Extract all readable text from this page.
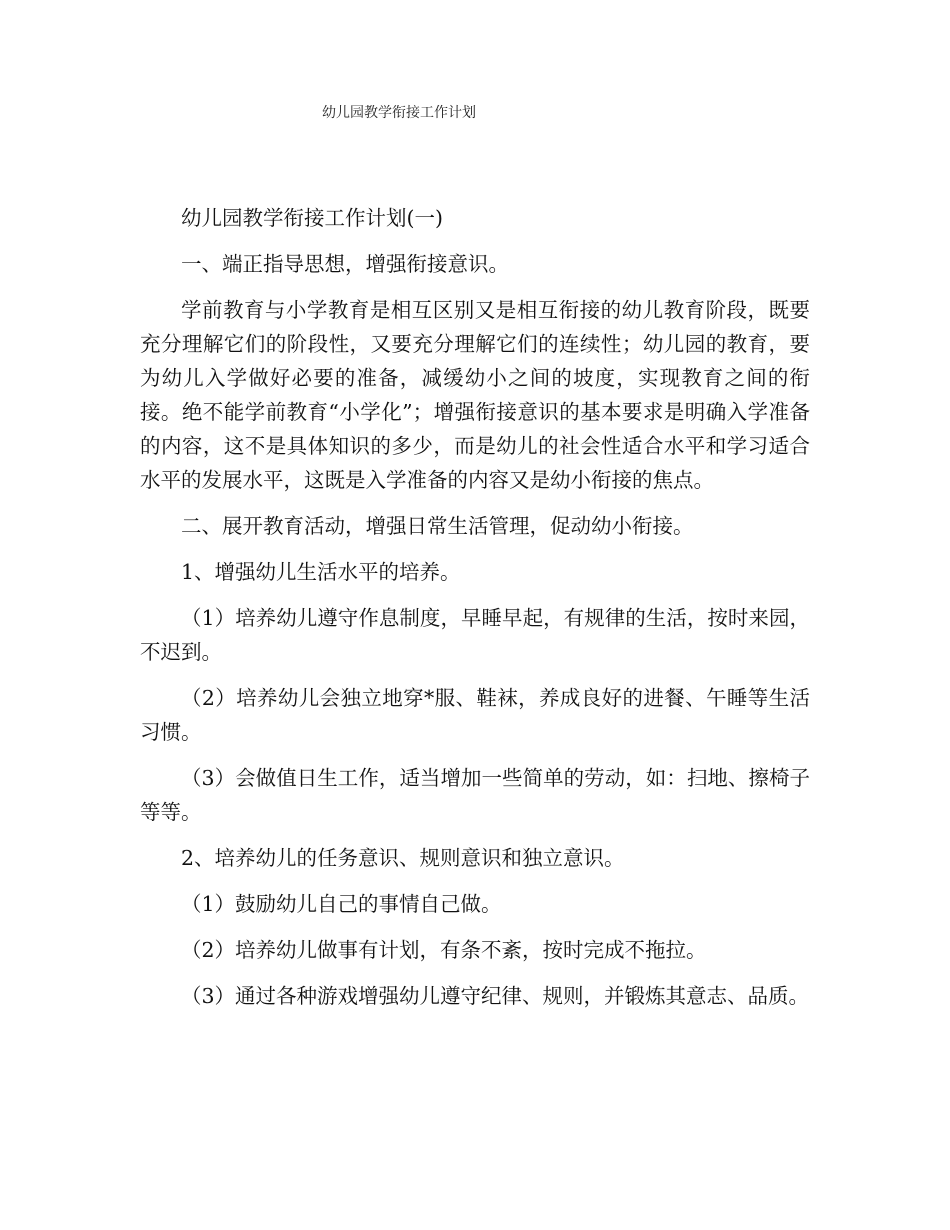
幼儿园教学衔接工作计划

幼儿园教学衔接工作计划(一)

一、端正指导思想，增强衔接意识。

学前教育与小学教育是相互区别又是相互衔接的幼儿教育阶段，既要充分理解它们的阶段性，又要充分理解它们的连续性；幼儿园的教育，要为幼儿入学做好必要的准备，减缓幼小之间的坡度，实现教育之间的衔接。绝不能学前教育“小学化”；增强衔接意识的基本要求是明确入学准备的内容，这不是具体知识的多少，而是幼儿的社会性适合水平和学习适合水平的发展水平，这既是入学准备的内容又是幼小衔接的焦点。

二、展开教育活动，增强日常生活管理，促动幼小衔接。

1、增强幼儿生活水平的培养。

（1）培养幼儿遵守作息制度，早睡早起，有规律的生活，按时来园，不迟到。

（2）培养幼儿会独立地穿*服、鞋袜，养成良好的进餐、午睡等生活习惯。

（3）会做值日生工作，适当增加一些简单的劳动，如：扫地、擦椅子等等。

2、培养幼儿的任务意识、规则意识和独立意识。

（1）鼓励幼儿自己的事情自己做。

（2）培养幼儿做事有计划，有条不紊，按时完成不拖拉。

（3）通过各种游戏增强幼儿遵守纪律、规则，并锻炼其意志、品质。
